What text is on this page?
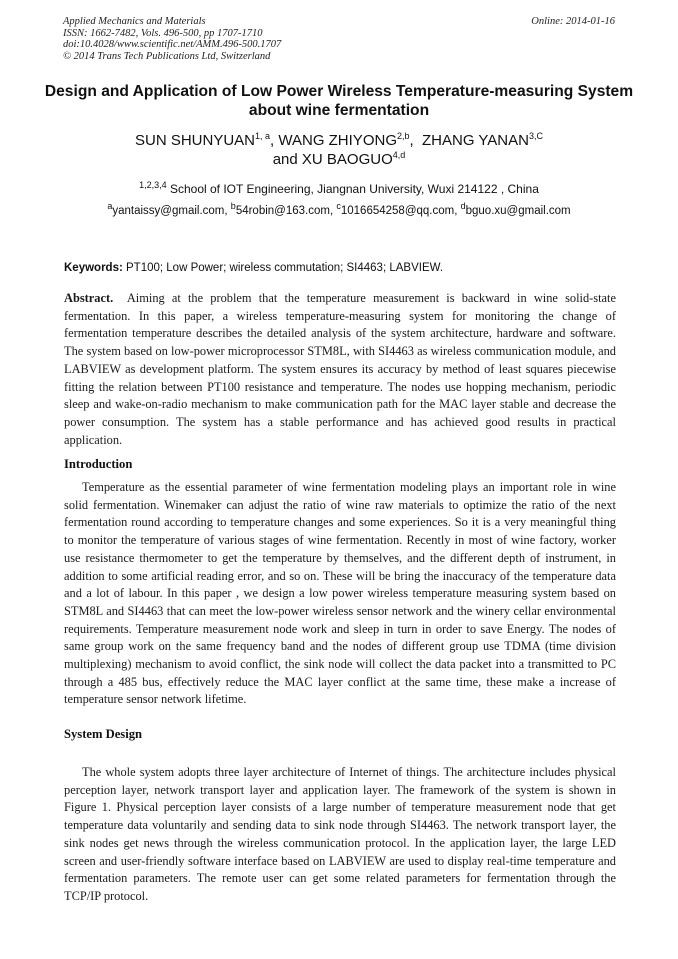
Applied Mechanics and Materials
ISSN: 1662-7482, Vols. 496-500, pp 1707-1710
doi:10.4028/www.scientific.net/AMM.496-500.1707
© 2014 Trans Tech Publications Ltd, Switzerland
Online: 2014-01-16
Design and Application of Low Power Wireless Temperature-measuring System about wine fermentation
SUN SHUNYUAN$^{1, a}$, WANG ZHIYONG$^{2,b}$,  ZHANG $YANAN^{3,C}$
and XU BAOGUO$^{4,d}$
$^{1,2,3,4}$ School of IOT Engineering, Jiangnan University, Wuxi 214122 , China
$^a$yantaissy@gmail.com, $^b$54robin@163.com, $^c$1016654258@qq.com, $^d$bguo.xu@gmail.com
Keywords: PT100; Low Power; wireless commutation; SI4463; LABVIEW.
Abstract. Aiming at the problem that the temperature measurement is backward in wine solid-state fermentation. In this paper, a wireless temperature-measuring system for monitoring the change of fermentation temperature describes the detailed analysis of the system architecture, hardware and software. The system based on low-power microprocessor STM8L, with SI4463 as wireless communication module, and LABVIEW as development platform. The system ensures its accuracy by method of least squares piecewise fitting the relation between PT100 resistance and temperature. The nodes use hopping mechanism, periodic sleep and wake-on-radio mechanism to make communication path for the MAC layer stable and decrease the power consumption. The system has a stable performance and has achieved good results in practical application.
Introduction
Temperature as the essential parameter of wine fermentation modeling plays an important role in wine solid fermentation. Winemaker can adjust the ratio of wine raw materials to optimize the ratio of the next fermentation round according to temperature changes and some experiences. So it is a very meaningful thing to monitor the temperature of various stages of wine fermentation. Recently in most of wine factory, worker use resistance thermometer to get the temperature by themselves, and the different depth of instrument, in addition to some artificial reading error, and so on. These will be bring the inaccuracy of the temperature data and a lot of labour. In this paper , we design a low power wireless temperature measuring system based on STM8L and SI4463 that can meet the low-power wireless sensor network and the winery cellar environmental requirements. Temperature measurement node work and sleep in turn in order to save Energy. The nodes of same group work on the same frequency band and the nodes of different group use TDMA (time division multiplexing) mechanism to avoid conflict, the sink node will collect the data packet into a transmitted to PC through a 485 bus, effectively reduce the MAC layer conflict at the same time, these make a increase of temperature sensor network lifetime.
System Design
The whole system adopts three layer architecture of Internet of things. The architecture includes physical perception layer, network transport layer and application layer. The framework of the system is shown in Figure 1. Physical perception layer consists of a large number of temperature measurement node that get temperature data voluntarily and sending data to sink node through SI4463. The network transport layer, the sink nodes get news through the wireless communication protocol. In the application layer, the large LED screen and user-friendly software interface based on LABVIEW are used to display real-time temperature and fermentation parameters. The remote user can get some related parameters for fermentation through the TCP/IP protocol.
